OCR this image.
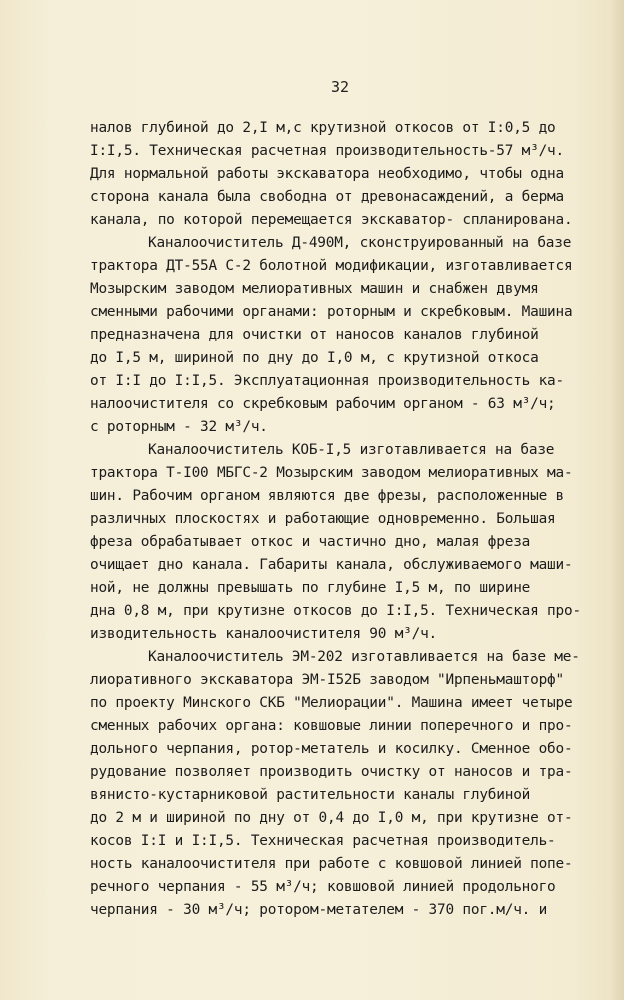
32
налов глубиной до 2,I м,с крутизной откосов от I:0,5 до
I:I,5. Техническая расчетная производительность-57 м³/ч.
Для нормальной работы экскаватора необходимо, чтобы одна
сторона канала была свободна от древонасаждений, а берма
канала, по которой перемещается экскаватор- спланирована.
Каналоочиститель Д-490М, сконструированный на базе
трактора ДТ-55А С-2 болотной модификации, изготавливается
Мозырским заводом мелиоративных машин и снабжен двумя
сменными рабочими органами: роторным и скребковым. Машина
предназначена для очистки от наносов каналов глубиной
до I,5 м, шириной по дну до I,0 м, с крутизной откоса
от I:I до I:I,5. Эксплуатационная производительность ка-
налоочистителя со скребковым рабочим органом - 63 м³/ч;
с роторным - 32 м³/ч.
Каналоочиститель КОБ-I,5 изготавливается на базе
трактора Т-I00 МБГС-2 Мозырским заводом мелиоративных ма-
шин. Рабочим органом являются две фрезы, расположенные в
различных плоскостях и работающие одновременно. Большая
фреза обрабатывает откос и частично дно, малая фреза
очищает дно канала. Габариты канала, обслуживаемого маши-
ной, не должны превышать по глубине I,5 м, по ширине
дна 0,8 м, при крутизне откосов до I:I,5. Техническая про-
изводительность каналоочистителя 90 м³/ч.
Каналоочиститель ЭМ-202 изготавливается на базе ме-
лиоративного экскаватора ЭМ-I52Б заводом "Ирпеньмашторф"
по проекту Минского СКБ "Мелиорации". Машина имеет четыре
сменных рабочих органа: ковшовые линии поперечного и про-
дольного черпания, ротор-метатель и косилку. Сменное обо-
рудование позволяет производить очистку от наносов и тра-
вянисто-кустарниковой растительности каналы глубиной
до 2 м и шириной по дну от 0,4 до I,0 м, при крутизне от-
косов I:I и I:I,5. Техническая расчетная производитель-
ность каналоочистителя при работе с ковшовой линией попе-
речного черпания - 55 м³/ч; ковшовой линией продольного
черпания - 30 м³/ч; ротором-метателем - 370 пог.м/ч. и
